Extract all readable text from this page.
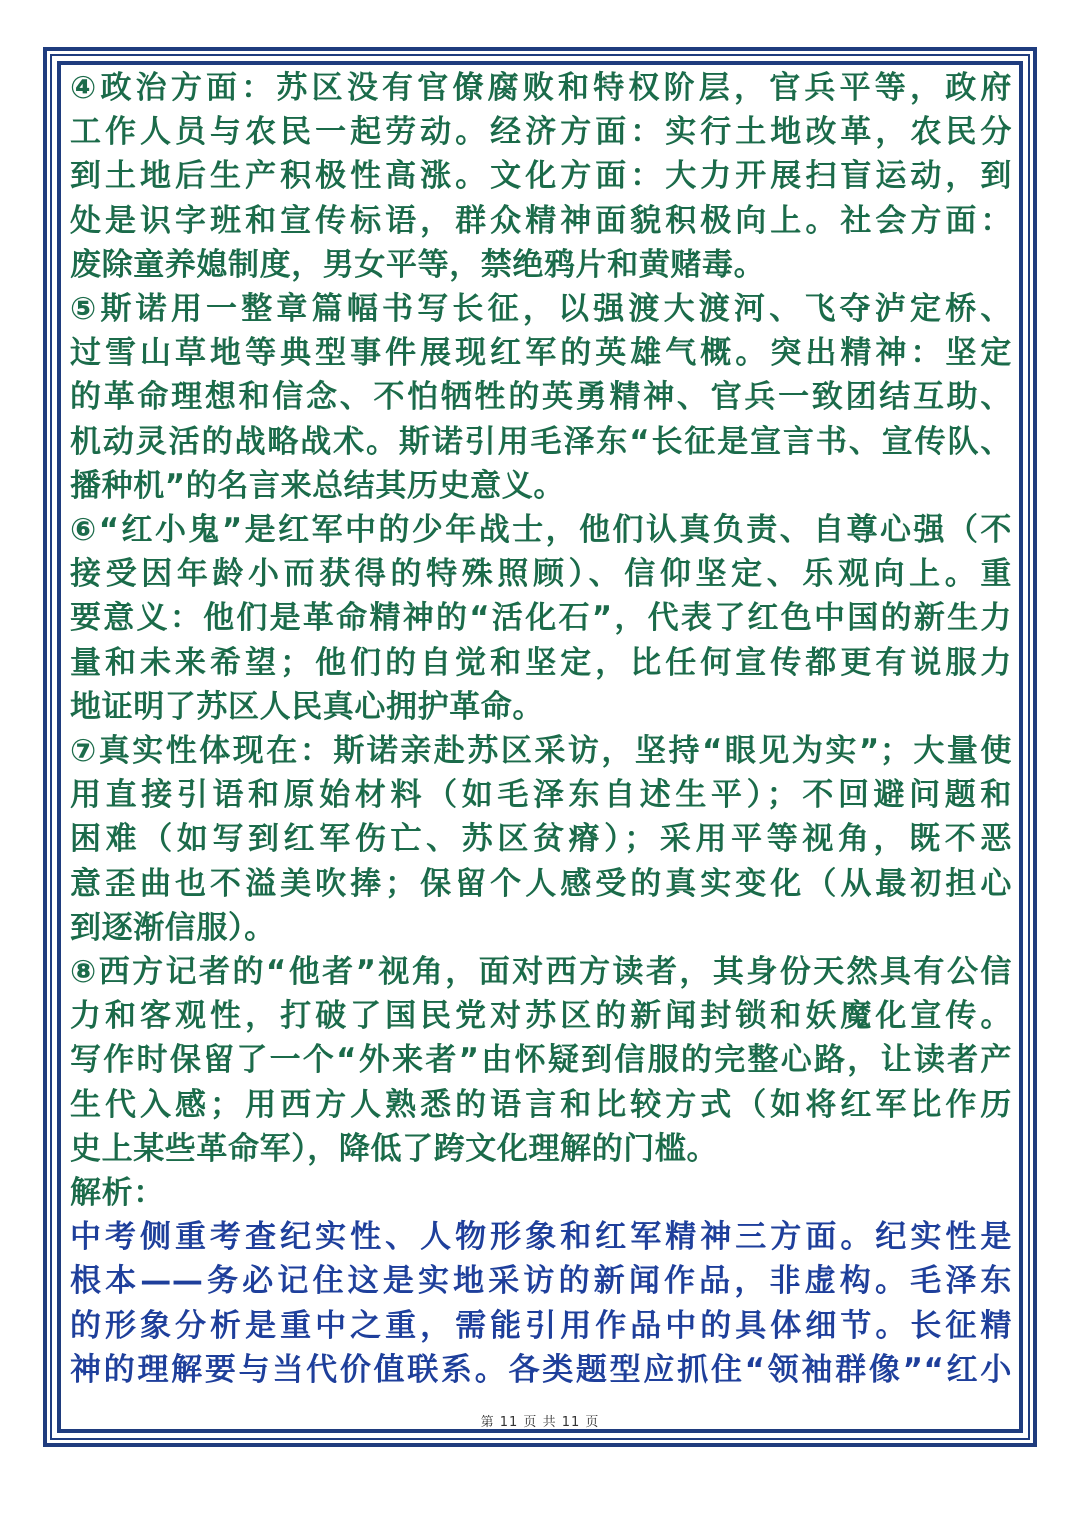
④政治方面：苏区没有官僚腐败和特权阶层，官兵平等，政府
工作人员与农民一起劳动。经济方面：实行土地改革，农民分
到土地后生产积极性高涨。文化方面：大力开展扫盲运动，到
处是识字班和宣传标语，群众精神面貌积极向上。社会方面：
废除童养媳制度，男女平等，禁绝鸦片和黄赌毒。
⑤斯诺用一整章篇幅书写长征，以强渡大渡河、飞夺泸定桥、
过雪山草地等典型事件展现红军的英雄气概。突出精神：坚定
的革命理想和信念、不怕牺牲的英勇精神、官兵一致团结互助、
机动灵活的战略战术。斯诺引用毛泽东“长征是宣言书、宣传队、
播种机”的名言来总结其历史意义。
⑥“红小鬼”是红军中的少年战士，他们认真负责、自尊心强（不
接受因年龄小而获得的特殊照顾）、信仰坚定、乐观向上。重
要意义：他们是革命精神的“活化石”，代表了红色中国的新生力
量和未来希望；他们的自觉和坚定，比任何宣传都更有说服力
地证明了苏区人民真心拥护革命。
⑦真实性体现在：斯诺亲赴苏区采访，坚持“眼见为实”；大量使
用直接引语和原始材料（如毛泽东自述生平）；不回避问题和
困难（如写到红军伤亡、苏区贫瘠）；采用平等视角，既不恶
意歪曲也不溢美吹捧；保留个人感受的真实变化（从最初担心
到逐渐信服）。
⑧西方记者的“他者”视角，面对西方读者，其身份天然具有公信
力和客观性，打破了国民党对苏区的新闻封锁和妖魔化宣传。
写作时保留了一个“外来者”由怀疑到信服的完整心路，让读者产
生代入感；用西方人熟悉的语言和比较方式（如将红军比作历
史上某些革命军），降低了跨文化理解的门槛。
解析：
中考侧重考查纪实性、人物形象和红军精神三方面。纪实性是
根本——务必记住这是实地采访的新闻作品，非虚构。毛泽东
的形象分析是重中之重，需能引用作品中的具体细节。长征精
神的理解要与当代价值联系。各类题型应抓住“领袖群像”“红小
第 11 页 共 11 页
